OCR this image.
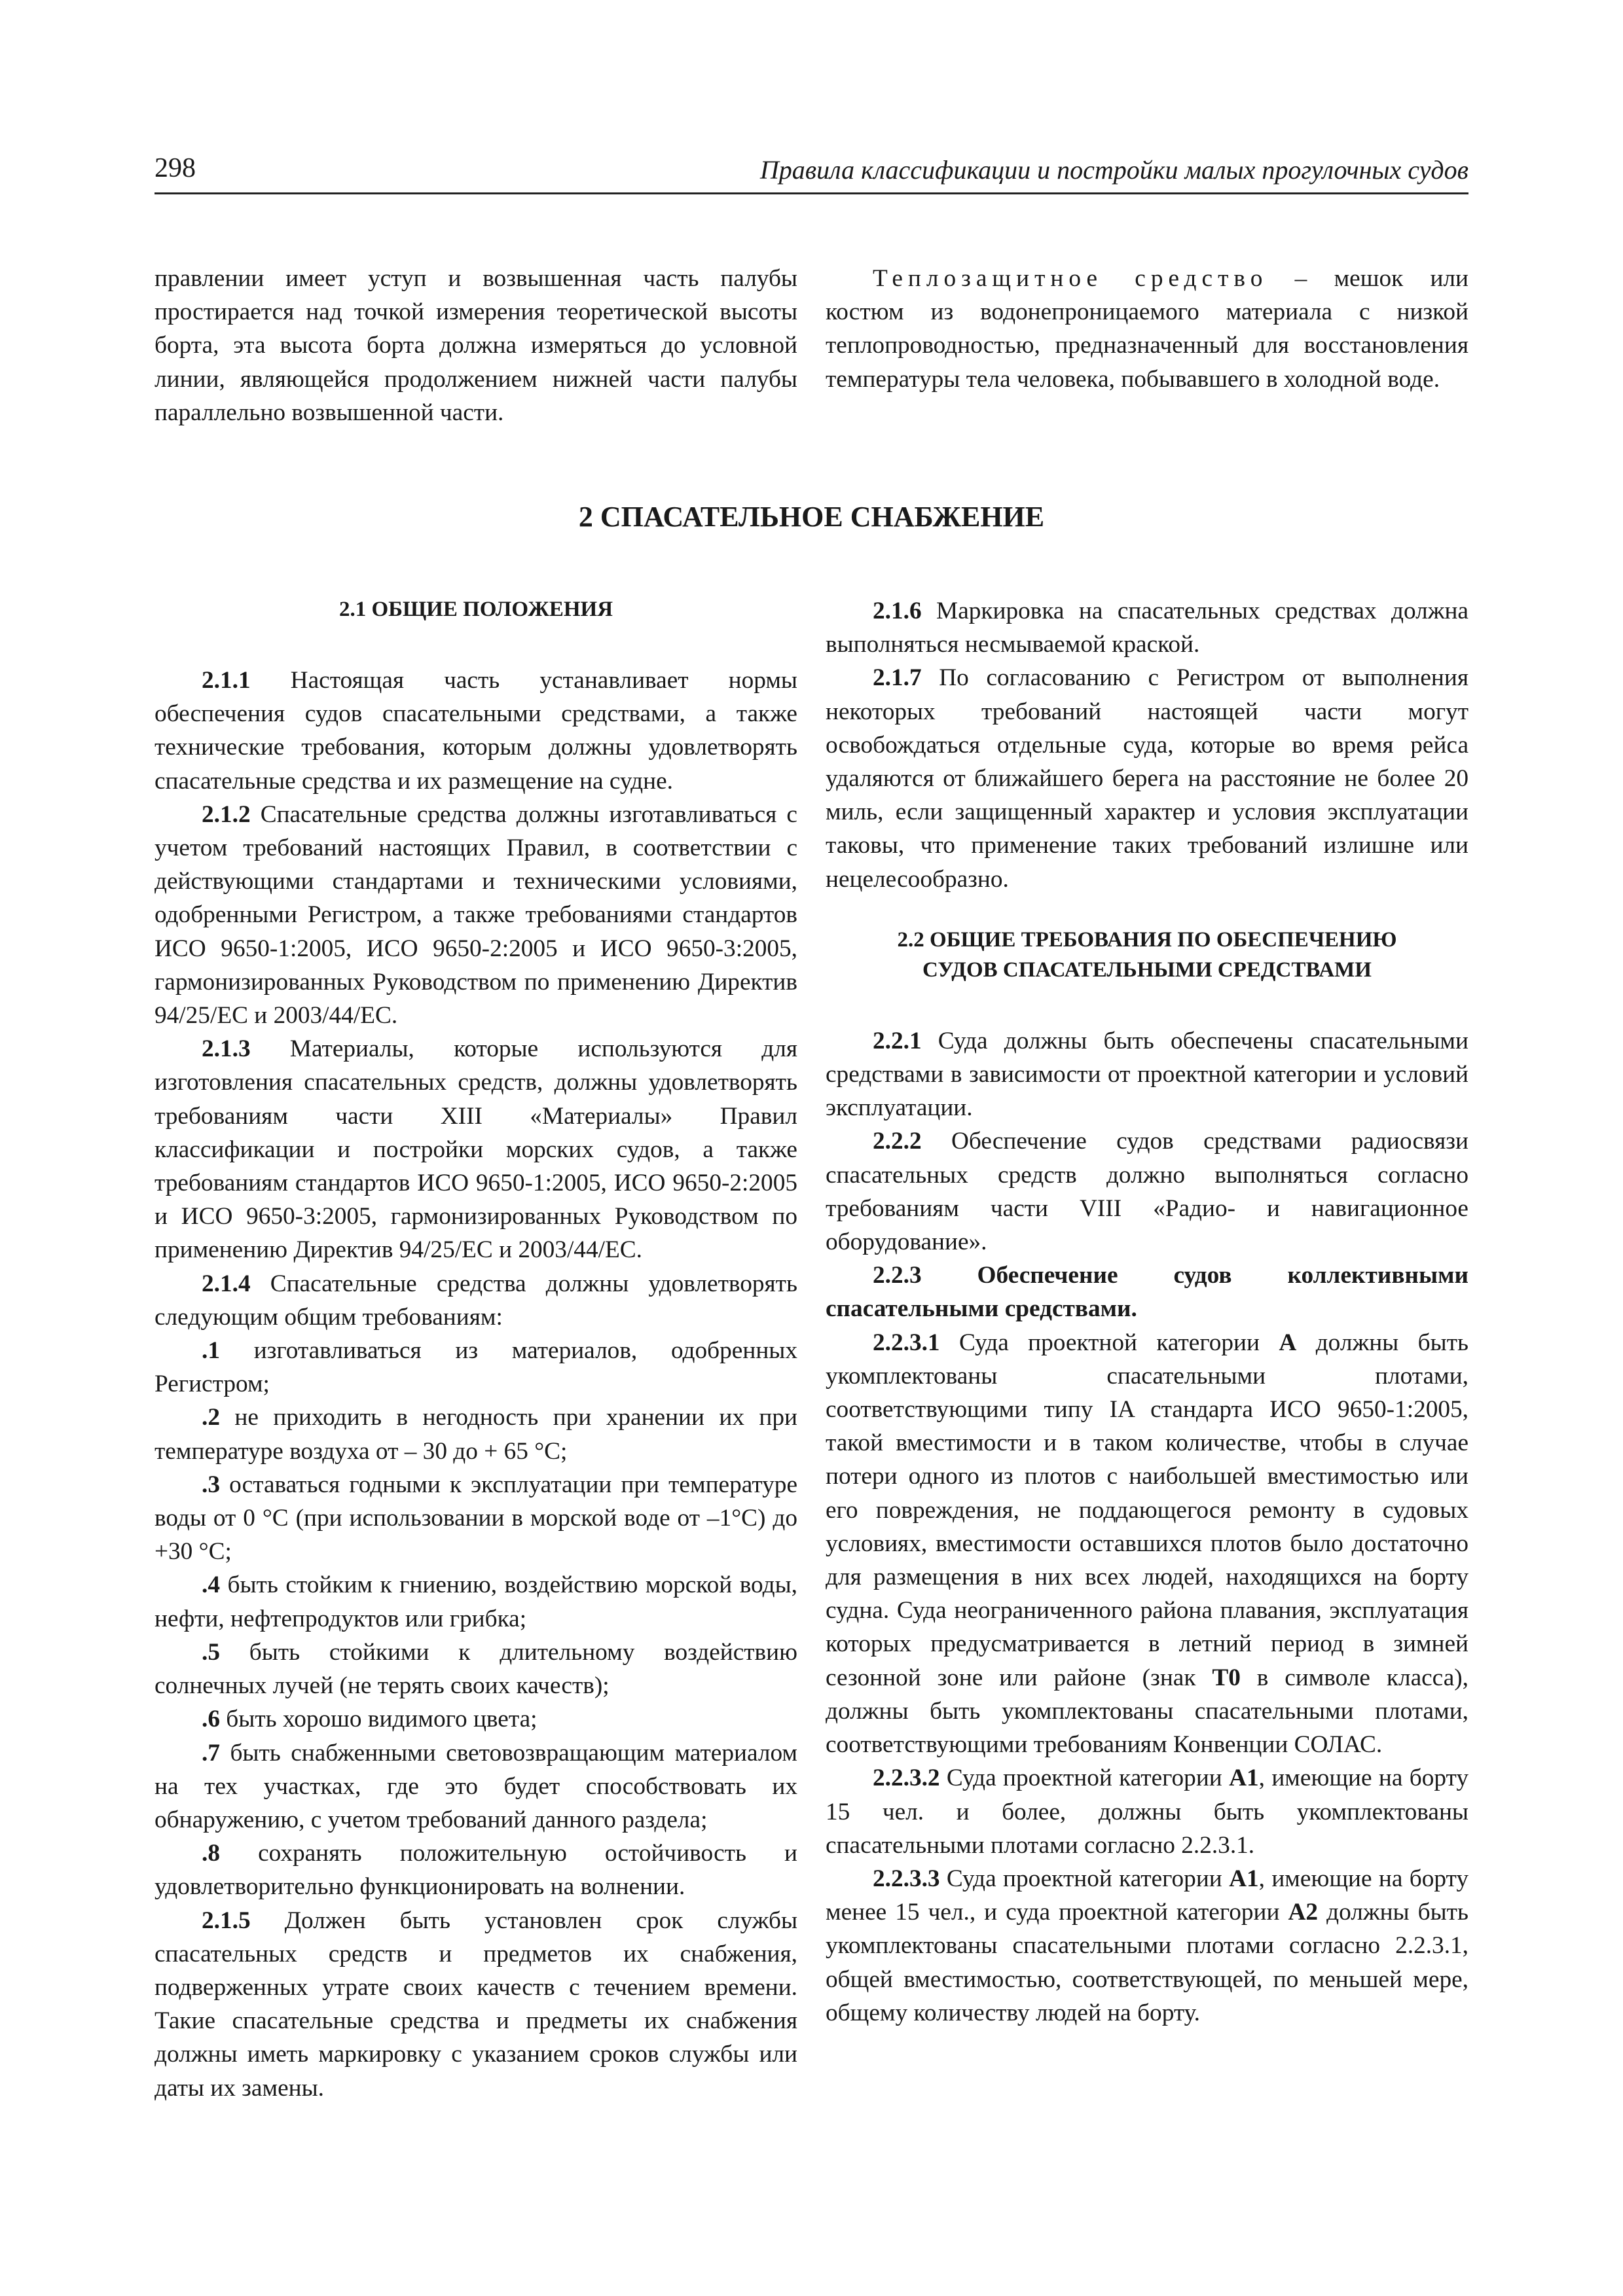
298	Правила классификации и постройки малых прогулочных судов

правлении имеет уступ и возвышенная часть палубы простирается над точкой измерения теоретической высоты борта, эта высота борта должна измеряться до условной линии, являющейся продолжением нижней части палубы параллельно возвышенной части.

Теплозащитное средство – мешок или костюм из водонепроницаемого материала с низкой теплопроводностью, предназначенный для восстановления температуры тела человека, побывавшего в холодной воде.

2 СПАСАТЕЛЬНОЕ СНАБЖЕНИЕ
2.1 ОБЩИЕ ПОЛОЖЕНИЯ

2.1.1 Настоящая часть устанавливает нормы обеспечения судов спасательными средствами, а также технические требования, которым должны удовлетворять спасательные средства и их размещение на судне.

2.1.2 Спасательные средства должны изготавливаться с учетом требований настоящих Правил, в соответствии с действующими стандартами и техническими условиями, одобренными Регистром, а также требованиями стандартов ИСО 9650-1:2005, ИСО 9650-2:2005 и ИСО 9650-3:2005, гармонизированных Руководством по применению Директив 94/25/ЕС и 2003/44/ЕС.

2.1.3 Материалы, которые используются для изготовления спасательных средств, должны удовлетворять требованиям части XIII «Материалы» Правил классификации и постройки морских судов, а также требованиям стандартов ИСО 9650-1:2005, ИСО 9650-2:2005 и ИСО 9650-3:2005, гармонизированных Руководством по применению Директив 94/25/ЕС и 2003/44/ЕС.

2.1.4 Спасательные средства должны удовлетворять следующим общим требованиям:

.1 изготавливаться из материалов, одобренных Регистром;

.2 не приходить в негодность при хранении их при температуре воздуха от – 30 до + 65 °С;

.3 оставаться годными к эксплуатации при температуре воды от 0 °С (при использовании в морской воде от –1°С) до +30 °С;

.4 быть стойким к гниению, воздействию морской воды, нефти, нефтепродуктов или грибка;

.5 быть стойкими к длительному воздействию солнечных лучей (не терять своих качеств);

.6 быть хорошо видимого цвета;

.7 быть снабженными световозвращающим материалом на тех участках, где это будет способствовать их обнаружению, с учетом требований данного раздела;

.8 сохранять положительную остойчивость и удовлетворительно функционировать на волнении.

2.1.5 Должен быть установлен срок службы спасательных средств и предметов их снабжения, подверженных утрате своих качеств с течением времени. Такие спасательные средства и предметы их снабжения должны иметь маркировку с указанием сроков службы или даты их замены.

2.1.6 Маркировка на спасательных средствах должна выполняться несмываемой краской.

2.1.7 По согласованию с Регистром от выполнения некоторых требований настоящей части могут освобождаться отдельные суда, которые во время рейса удаляются от ближайшего берега на расстояние не более 20 миль, если защищенный характер и условия эксплуатации таковы, что применение таких требований излишне или нецелесообразно.

2.2 ОБЩИЕ ТРЕБОВАНИЯ ПО ОБЕСПЕЧЕНИЮ
СУДОВ СПАСАТЕЛЬНЫМИ СРЕДСТВАМИ

2.2.1 Суда должны быть обеспечены спасательными средствами в зависимости от проектной категории и условий эксплуатации.

2.2.2 Обеспечение судов средствами радиосвязи спасательных средств должно выполняться согласно требованиям части VIII «Радио- и навигационное оборудование».

2.2.3 Обеспечение судов коллективными спасательными средствами.

2.2.3.1 Суда проектной категории А должны быть укомплектованы спасательными плотами, соответствующими типу IA стандарта ИСО 9650-1:2005, такой вместимости и в таком количестве, чтобы в случае потери одного из плотов с наибольшей вместимостью или его повреждения, не поддающегося ремонту в судовых условиях, вместимости оставшихся плотов было достаточно для размещения в них всех людей, находящихся на борту судна. Суда неограниченного района плавания, эксплуатация которых предусматривается в летний период в зимней сезонной зоне или районе (знак Т0 в символе класса), должны быть укомплектованы спасательными плотами, соответствующими требованиям Конвенции СОЛАС.

2.2.3.2 Суда проектной категории А1, имеющие на борту 15 чел. и более, должны быть укомплектованы спасательными плотами согласно 2.2.3.1.

2.2.3.3 Суда проектной категории А1, имеющие на борту менее 15 чел., и суда проектной категории А2 должны быть укомплектованы спасательными плотами согласно 2.2.3.1, общей вместимостью, соответствующей, по меньшей мере, общему количеству людей на борту.
